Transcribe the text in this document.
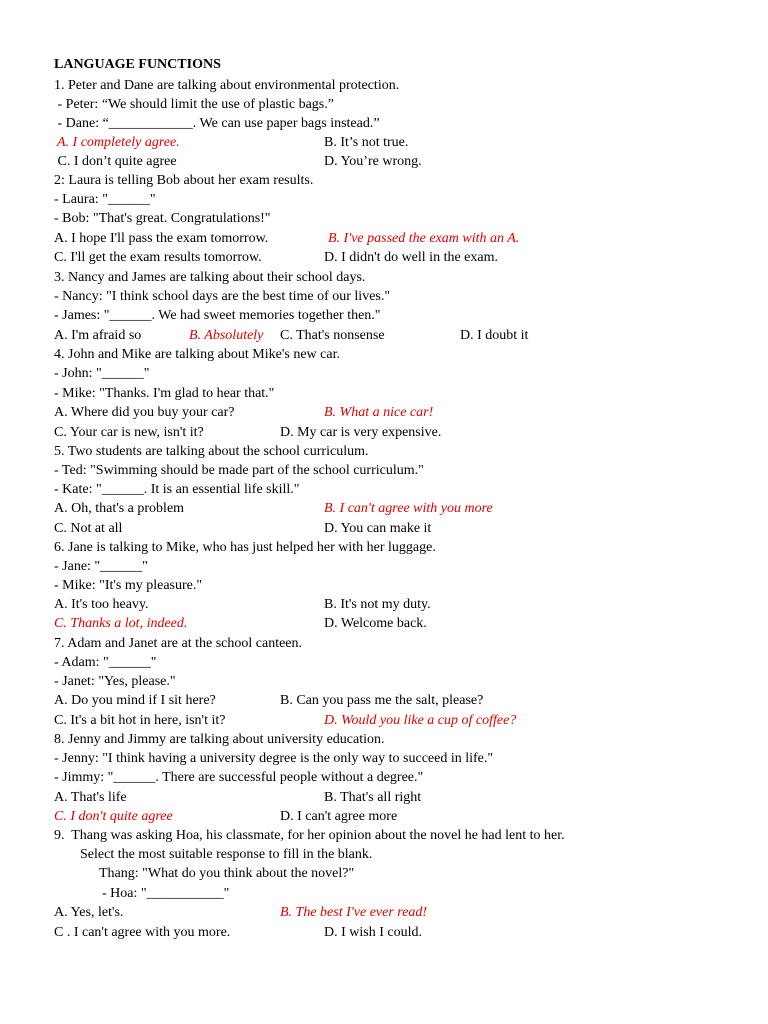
LANGUAGE FUNCTIONS
1. Peter and Dane are talking about environmental protection.
- Peter: “We should limit the use of plastic bags.”
- Dane: “____________. We can use paper bags instead.”
A. I completely agree.	B. It’s not true.
C. I don’t quite agree	D. You’re wrong.
2: Laura is telling Bob about her exam results.
- Laura: "______"
- Bob: "That's great. Congratulations!"
A. I hope I'll pass the exam tomorrow.	B. I've passed the exam with an A.
C. I'll get the exam results tomorrow.	D. I didn't do well in the exam.
3. Nancy and James are talking about their school days.
- Nancy: "I think school days are the best time of our lives."
- James: "______. We had sweet memories together then."
A. I'm afraid so	B. Absolutely C. That's nonsense	D. I doubt it
4. John and Mike are talking about Mike's new car.
- John: "______"
- Mike: "Thanks. I'm glad to hear that."
A. Where did you buy your car?	B. What a nice car!
C. Your car is new, isn't it?	D. My car is very expensive.
5. Two students are talking about the school curriculum.
- Ted: "Swimming should be made part of the school curriculum."
- Kate: "______. It is an essential life skill."
A. Oh, that's a problem	B. I can't agree with you more
C. Not at all	D. You can make it
6. Jane is talking to Mike, who has just helped her with her luggage.
- Jane: "______"
- Mike: "It's my pleasure."
A. It's too heavy.	B. It's not my duty.
C. Thanks a lot, indeed.	D. Welcome back.
7. Adam and Janet are at the school canteen.
- Adam: "______"
- Janet: "Yes, please."
A. Do you mind if I sit here?	B. Can you pass me the salt, please?
C. It's a bit hot in here, isn't it?	D. Would you like a cup of coffee?
8. Jenny and Jimmy are talking about university education.
- Jenny: "I think having a university degree is the only way to succeed in life."
- Jimmy: "______. There are successful people without a degree."
A. That's life	B. That's all right
C. I don't quite agree	D. I can't agree more
9.  Thang was asking Hoa, his classmate, for her opinion about the novel he had lent to her.
Select the most suitable response to fill in the blank.
Thang: "What do you think about the novel?"
- Hoa: "___________"
A. Yes, let's.	B. The best I've ever read!
C . I can't agree with you more.	D. I wish I could.
